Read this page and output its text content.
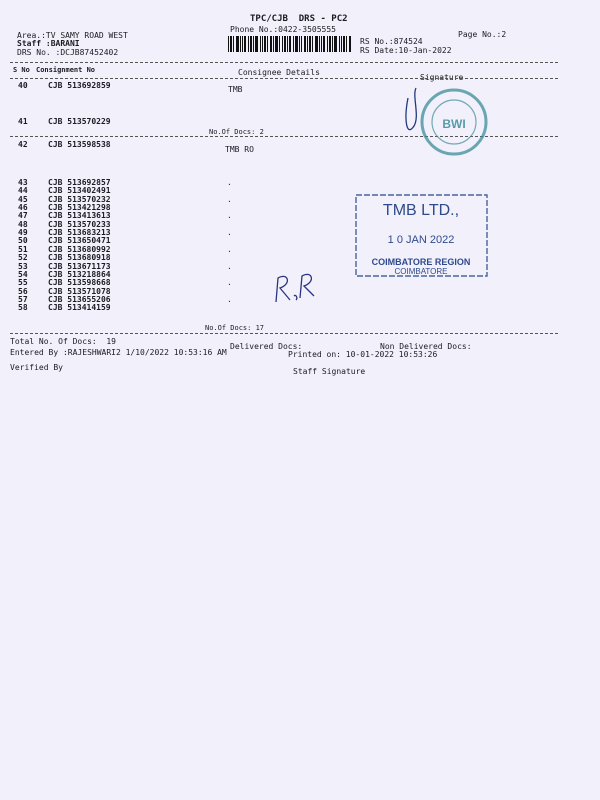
TPC/CJB  DRS - PC2
Phone No.:0422-3505555
Area.:TV SAMY ROAD WEST
Staff :BARANI
DRS No. :DCJB87452402
RS No.:874524
RS Date:10-Jan-2022
Page No.:2
S No Consignment No	Consignee Details
Signature
40	CJB 513692859	TMB
41	CJB 513570229
No.Of Docs: 2
42	CJB 513598538
TMB RO
43	CJB 513692857	.
44	CJB 513402491
45	CJB 513570232	.
46	CJB 513421298
47	CJB 513413613	.
48	CJB 513570233
49	CJB 513683213	.
50	CJB 513650471
51	CJB 513680992	.
52	CJB 513680918
53	CJB 513671173	.
54	CJB 513218864
55	CJB 513598668	.
56	CJB 513571078
57	CJB 513655206	.
58	CJB 513414159
No.Of Docs: 17
Total No. Of Docs:  19
Delivered Docs:	Non Delivered Docs:
Entered By :RAJESHWARI2 1/10/2022 10:53:16 AM	Printed on: 10-01-2022 10:53:26
Verified By	Staff Signature
BWI
TMB LTD.,
1 0 JAN 2022
COIMBATORE REGION
COIMBATORE
